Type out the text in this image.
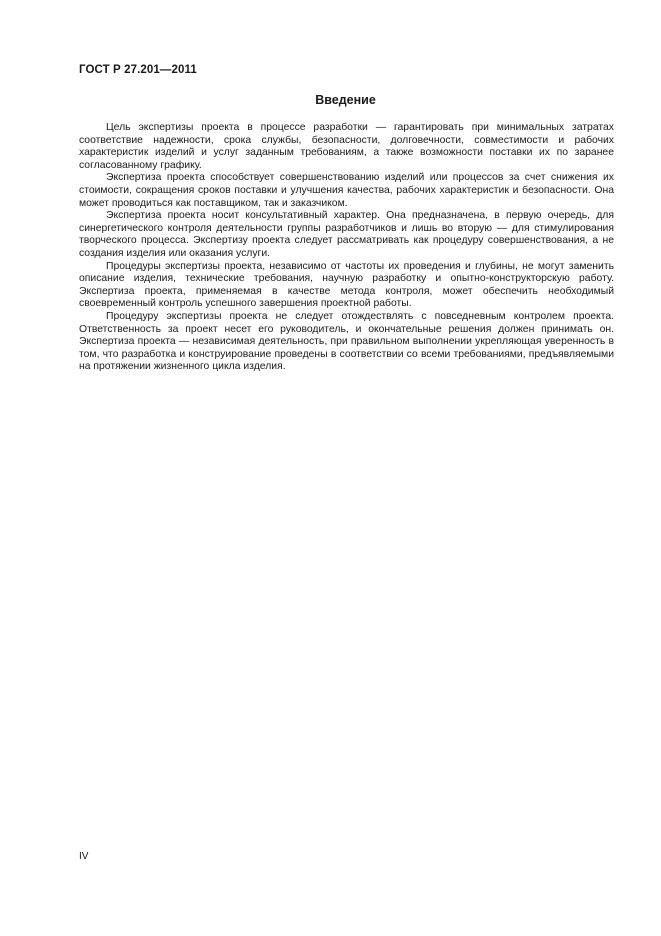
ГОСТ Р 27.201—2011
Введение

Цель экспертизы проекта в процессе разработки — гарантировать при минимальных затратах соответствие надежности, срока службы, безопасности, долговечности, совместимости и рабочих характеристик изделий и услуг заданным требованиям, а также возможности поставки их по заранее согласованному графику.

Экспертиза проекта способствует совершенствованию изделий или процессов за счет снижения их стоимости, сокращения сроков поставки и улучшения качества, рабочих характеристик и безопасности. Она может проводиться как поставщиком, так и заказчиком.

Экспертиза проекта носит консультативный характер. Она предназначена, в первую очередь, для синергетического контроля деятельности группы разработчиков и лишь во вторую — для стимулирования творческого процесса. Экспертизу проекта следует рассматривать как процедуру совершенствования, а не создания изделия или оказания услуги.

Процедуры экспертизы проекта, независимо от частоты их проведения и глубины, не могут заменить описание изделия, технические требования, научную разработку и опытно-конструкторскую работу. Экспертиза проекта, применяемая в качестве метода контроля, может обеспечить необходимый своевременный контроль успешного завершения проектной работы.

Процедуру экспертизы проекта не следует отождествлять с повседневным контролем проекта. Ответственность за проект несет его руководитель, и окончательные решения должен принимать он. Экспертиза проекта — независимая деятельность, при правильном выполнении укрепляющая уверенность в том, что разработка и конструирование проведены в соответствии со всеми требованиями, предъявляемыми на протяжении жизненного цикла изделия.

IV
